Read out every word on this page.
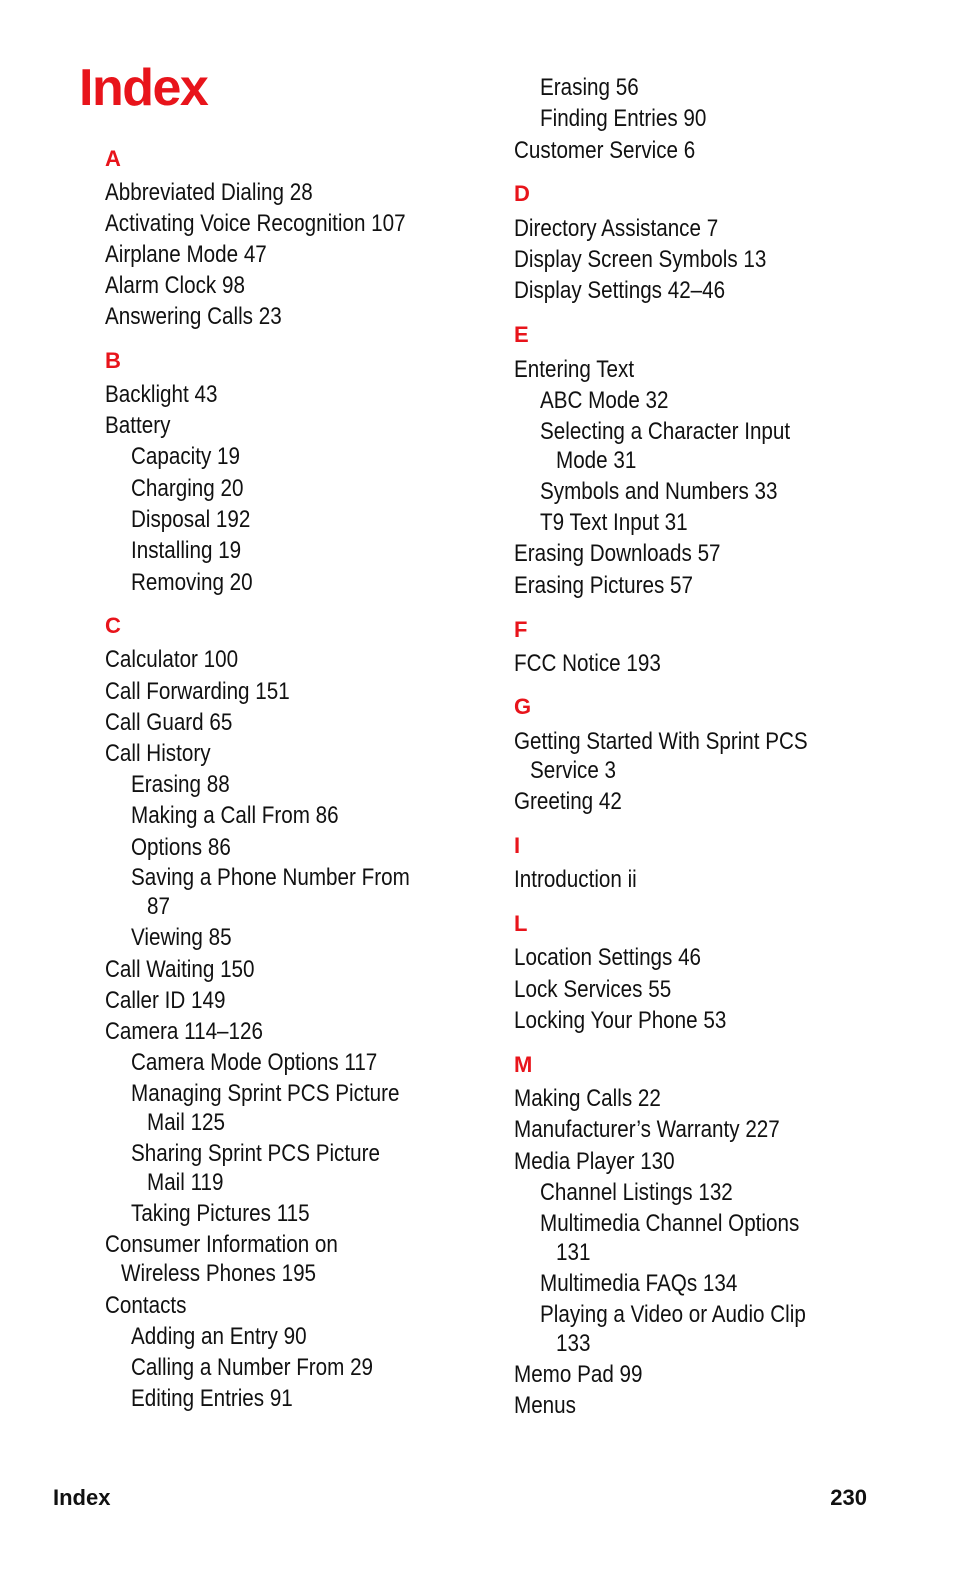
Index
A
Abbreviated Dialing 28
Activating Voice Recognition 107
Airplane Mode 47
Alarm Clock 98
Answering Calls 23
B
Backlight 43
Battery
Capacity 19
Charging 20
Disposal 192
Installing 19
Removing 20
C
Calculator 100
Call Forwarding 151
Call Guard 65
Call History
Erasing 88
Making a Call From 86
Options 86
Saving a Phone Number From
87
Viewing 85
Call Waiting 150
Caller ID 149
Camera 114–126
Camera Mode Options 117
Managing Sprint PCS Picture
Mail 125
Sharing Sprint PCS Picture
Mail 119
Taking Pictures 115
Consumer Information on
Wireless Phones 195
Contacts
Adding an Entry 90
Calling a Number From 29
Editing Entries 91
Erasing 56
Finding Entries 90
Customer Service 6
D
Directory Assistance 7
Display Screen Symbols 13
Display Settings 42–46
E
Entering Text
ABC Mode 32
Selecting a Character Input
Mode 31
Symbols and Numbers 33
T9 Text Input 31
Erasing Downloads 57
Erasing Pictures 57
F
FCC Notice 193
G
Getting Started With Sprint PCS
Service 3
Greeting 42
I
Introduction ii
L
Location Settings 46
Lock Services 55
Locking Your Phone 53
M
Making Calls 22
Manufacturer’s Warranty 227
Media Player 130
Channel Listings 132
Multimedia Channel Options
131
Multimedia FAQs 134
Playing a Video or Audio Clip
133
Memo Pad 99
Menus
Index	230
